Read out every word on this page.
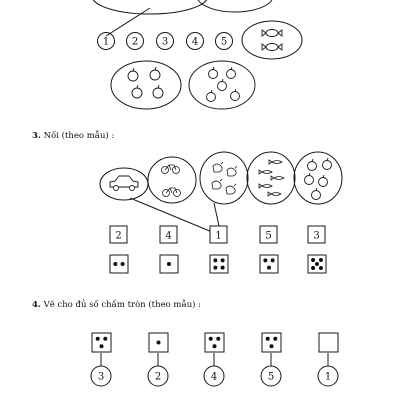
1 2 3 4 5
2	4	1	5	3
3	2	4	5	1
3. Nối (theo mẫu) :
4. Vẽ cho đủ số chấm tròn (theo mẫu) :
